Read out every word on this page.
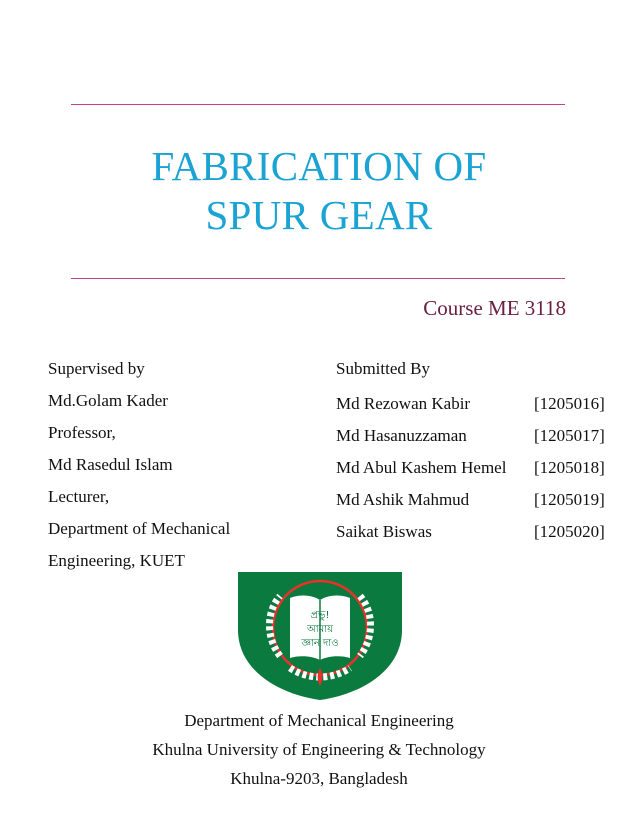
FABRICATION OF
SPUR GEAR
Course ME 3118
Supervised by
Md.Golam Kader
Professor,
Md Rasedul Islam
Lecturer,
Department of Mechanical
Engineering, KUET
Submitted By
Md Rezowan Kabir	[1205016]
Md Hasanuzzaman	[1205017]
Md Abul Kashem Hemel [1205018]
Md Ashik Mahmud	[1205019]
Saikat Biswas	[1205020]
প্রভু!
আমায়
জ্ঞান দাও
Department of Mechanical Engineering
Khulna University of Engineering & Technology
Khulna-9203, Bangladesh
